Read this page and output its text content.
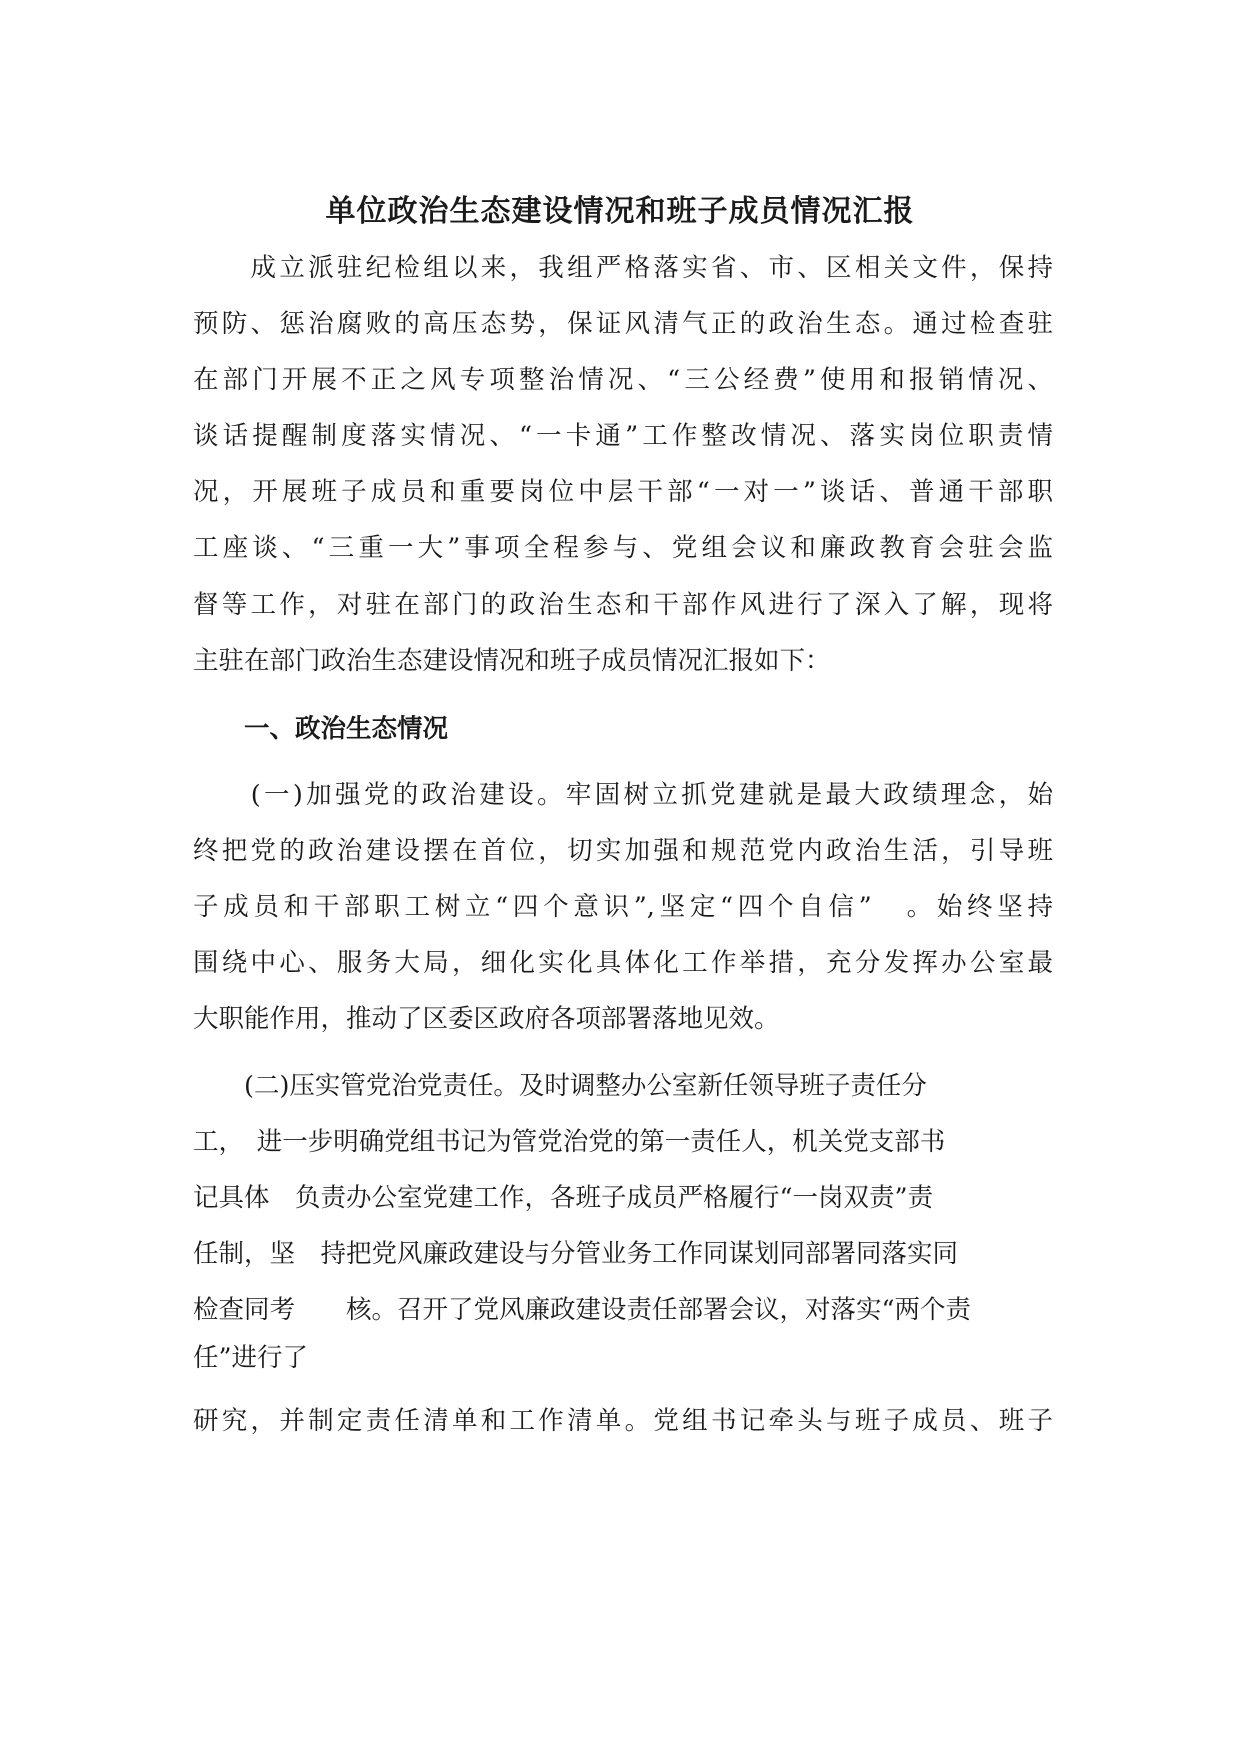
单位政治生态建设情况和班子成员情况汇报

　　成立派驻纪检组以来，我组严格落实省、市、区相关文件，保持

预防、惩治腐败的高压态势，保证风清气正的政治生态。通过检查驻

在部门开展不正之风专项整治情况、“三公经费”使用和报销情况、

谈话提醒制度落实情况、“一卡通”工作整改情况、落实岗位职责情

况，开展班子成员和重要岗位中层干部“一对一”谈话、普通干部职

工座谈、“三重一大”事项全程参与、党组会议和廉政教育会驻会监

督等工作，对驻在部门的政治生态和干部作风进行了深入了解，现将

主驻在部门政治生态建设情况和班子成员情况汇报如下：

　　一、政治生态情况

　　(一)加强党的政治建设。牢固树立抓党建就是最大政绩理念，始

终把党的政治建设摆在首位，切实加强和规范党内政治生活，引导班

子成员和干部职工树立“四个意识”,坚定“四个自信”　。始终坚持

围绕中心、服务大局，细化实化具体化工作举措，充分发挥办公室最

大职能作用，推动了区委区政府各项部署落地见效。

　　(二)压实管党治党责任。及时调整办公室新任领导班子责任分

工，　进一步明确党组书记为管党治党的第一责任人，机关党支部书

记具体　负责办公室党建工作，各班子成员严格履行“一岗双责”责

任制，坚　持把党风廉政建设与分管业务工作同谋划同部署同落实同

检查同考　　核。召开了党风廉政建设责任部署会议，对落实“两个责

任”进行了

研究，并制定责任清单和工作清单。党组书记牵头与班子成员、班子
